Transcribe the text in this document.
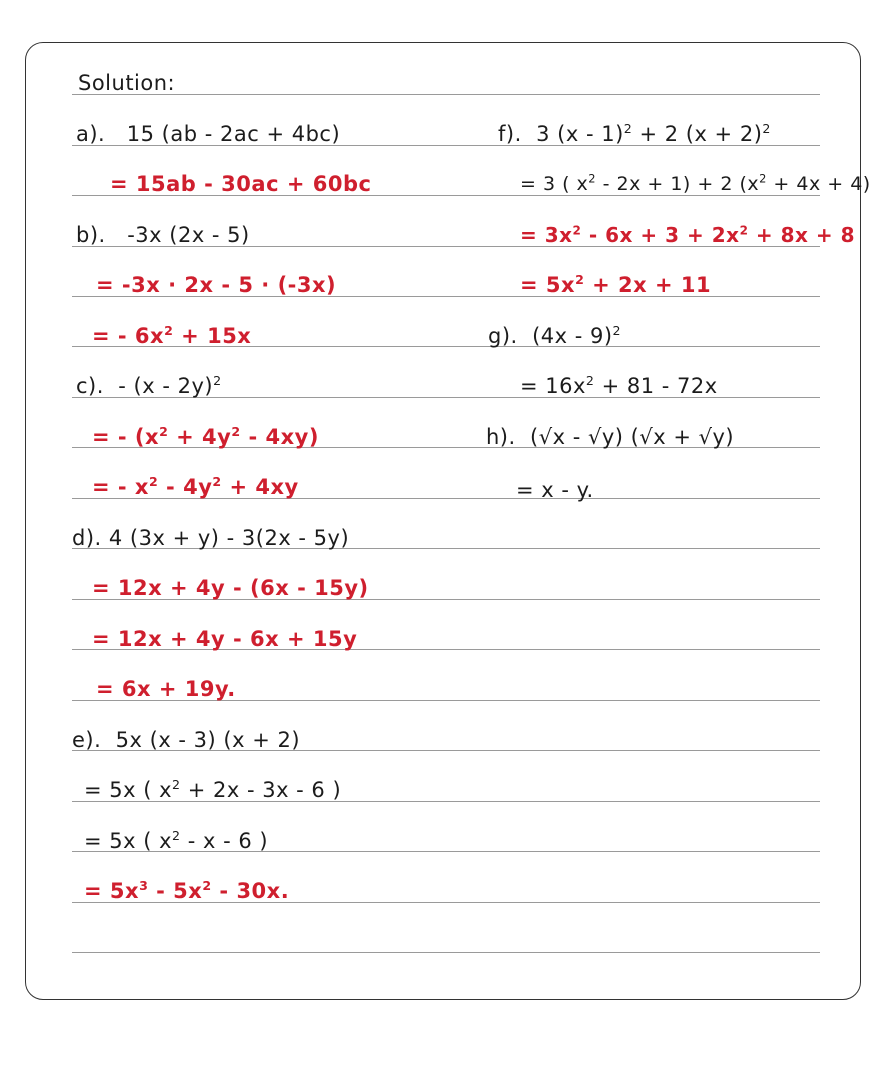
Solution:
a). 15 (ab - 2ac + 4bc)
= 15ab - 30ac + 60bc
b). -3x (2x - 5)
= -3x · 2x - 5 · (-3x)
= - $6x^2 + 15x$
c). - (x - 2y)$^2$
= - $(x^2 + 4y^2 - 4xy)$
= - $x^2 - 4y^2 + 4xy$
d). 4 (3x + y) - 3(2x - 5y)
= 12x + 4y - (6x - 15y)
= 12x + 4y - 6x + 15y
= 6x + 19y.
e). 5x (x - 3) (x + 2)
= 5x ( $x^2 + 2x - 3x - 6$ )
= 5x ( $x^2$ - x - 6 )
= $5x^3 - 5x^2 - 30x$.
f). 3 (x - 1)$^2$ + 2 $(x + 2)^2$
= 3 ( $x^2 - 2x + 1) + 2$ $(x^2 + 4x + 4)$
= $3x^2 - 6x + 3 + 2x^2 + 8x + 8$
= $5x^2 + 2x + 11$
g). (4x - 9)$^2$
= $16x^2 + 81 - 72x$
h). (√x - √y) (√x + √y)
= x - y.
